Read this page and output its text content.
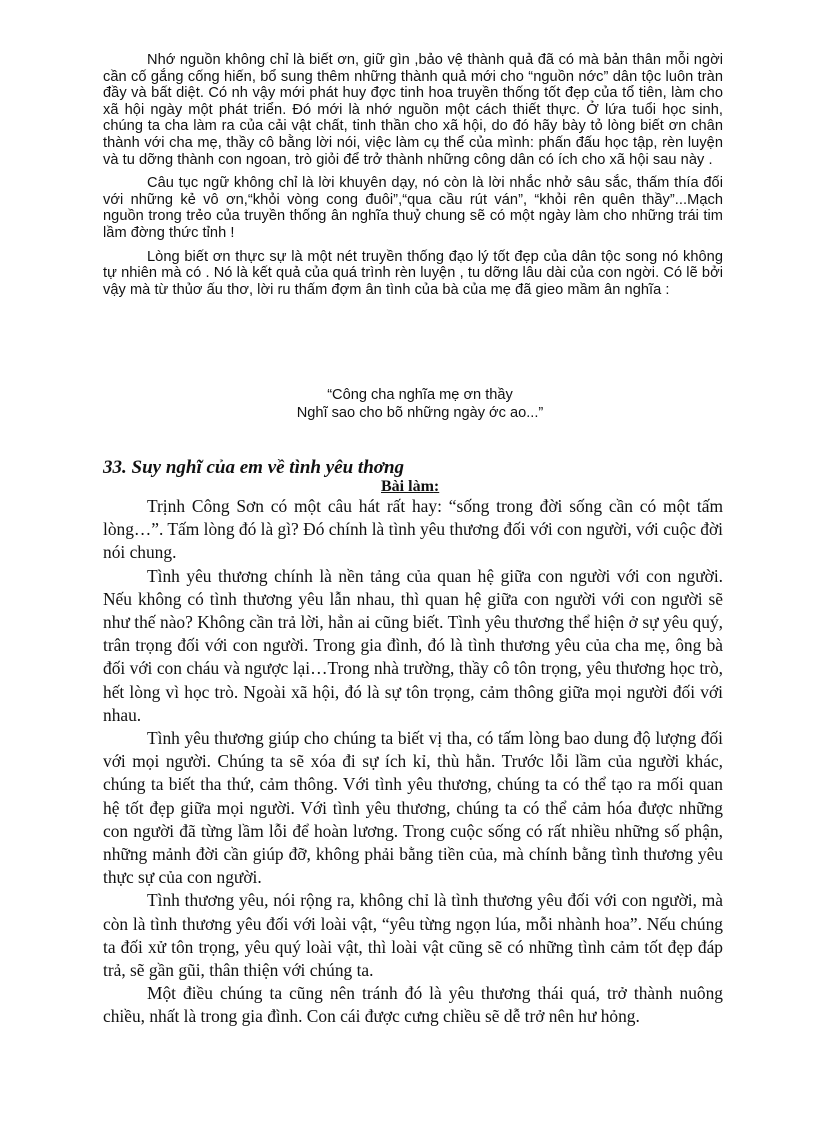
Nhớ nguồn không chỉ là biết ơn, giữ gìn ,bảo vệ thành quả đã có mà bản thân mỗi ngời cần cố gắng cống hiến, bổ sung thêm những thành quả mới cho “nguồn nớc” dân tộc luôn tràn đầy và bất diệt. Có nh vậy mới phát huy đợc tinh hoa truyền thống tốt đẹp của tổ tiên, làm cho xã hội ngày một phát triển. Đó mới là nhớ nguồn một cách thiết thực. Ở lứa tuổi học sinh, chúng ta cha làm ra của cải vật chất, tinh thần cho xã hội, do đó hãy bày tỏ lòng biết ơn chân thành với cha mẹ, thầy cô bằng lời nói, việc làm cụ thể của mình: phấn đấu học tập, rèn luyện và tu dỡng thành con ngoan, trò giỏi để trở thành những công dân có ích cho xã hội sau này .

Câu tục ngữ không chỉ là lời khuyên dạy, nó còn là lời nhắc nhở sâu sắc, thấm thía đối với những kẻ vô ơn,“khỏi vòng cong đuôi”,“qua cầu rút ván”, “khỏi rên quên thầy”...Mạch nguồn trong trẻo của truyền thống ân nghĩa thuỷ chung sẽ có một ngày làm cho những trái tim lầm đờng thức tỉnh !

Lòng biết ơn thực sự là một nét truyền thống đạo lý tốt đẹp của dân tộc song nó không tự nhiên mà có . Nó là kết quả của quá trình rèn luyện , tu dỡng lâu dài của con ngời. Có lẽ bởi vậy mà từ thủơ ấu thơ, lời ru thấm đợm ân tình của bà của mẹ đã gieo mầm ân nghĩa :

“Công cha nghĩa mẹ ơn thầy
Nghĩ sao cho bõ những ngày ớc ao...”
33. Suy nghĩ của em về tình yêu thơng
Bài làm:

Trịnh Công Sơn có một câu hát rất hay: “sống trong đời sống cần có một tấm lòng…”. Tấm lòng đó là gì? Đó chính là tình yêu thương đối với con người, với cuộc đời nói chung.

Tình yêu thương chính là nền tảng của quan hệ giữa con người với con người. Nếu không có tình thương yêu lẫn nhau, thì quan hệ giữa con người với con người sẽ như thế nào? Không cần trả lời, hẳn ai cũng biết. Tình yêu thương thể hiện ở sự yêu quý, trân trọng đối với con người. Trong gia đình, đó là tình thương yêu của cha mẹ, ông bà đối với con cháu và ngược lại…Trong nhà trường, thầy cô tôn trọng, yêu thương học trò, hết lòng vì học trò. Ngoài xã hội, đó là sự tôn trọng, cảm thông giữa mọi người đối với nhau.

Tình yêu thương giúp cho chúng ta biết vị tha, có tấm lòng bao dung độ lượng đối với mọi người. Chúng ta sẽ xóa đi sự ích kỉ, thù hằn. Trước lỗi lầm của người khác, chúng ta biết tha thứ, cảm thông. Với tình yêu thương, chúng ta có thể tạo ra mối quan hệ tốt đẹp giữa mọi người. Với tình yêu thương, chúng ta có thể cảm hóa được những con người đã từng lầm lỗi để hoàn lương. Trong cuộc sống có rất nhiều những số phận, những mảnh đời cần giúp đỡ, không phải bằng tiền của, mà chính bằng tình thương yêu thực sự của con người.

Tình thương yêu, nói rộng ra, không chỉ là tình thương yêu đối với con người, mà còn là tình thương yêu đối với loài vật, “yêu từng ngọn lúa, mỗi nhành hoa”. Nếu chúng ta đối xử tôn trọng, yêu quý loài vật, thì loài vật cũng sẽ có những tình cảm tốt đẹp đáp trả, sẽ gần gũi, thân thiện với chúng ta.

Một điều chúng ta cũng nên tránh đó là yêu thương thái quá, trở thành nuông chiều, nhất là trong gia đình. Con cái được cưng chiều sẽ dễ trở nên hư hỏng.
